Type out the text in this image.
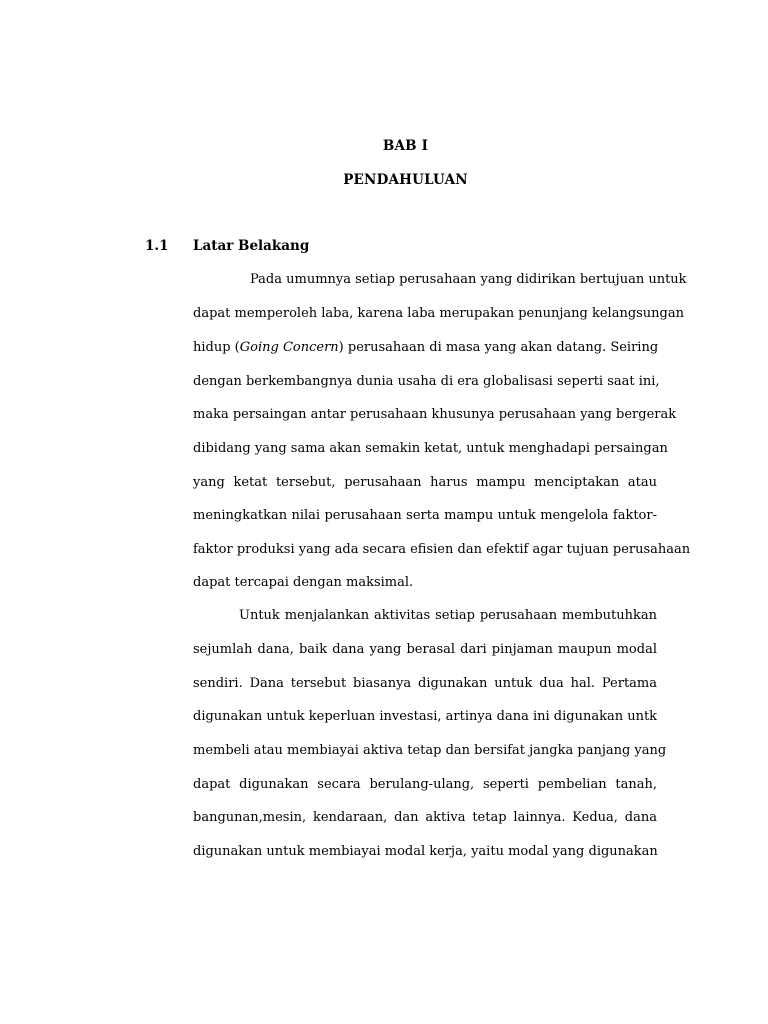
BAB I
PENDAHULUAN
1.1 Latar Belakang
Pada umumnya setiap perusahaan yang didirikan bertujuan untuk
dapat memperoleh laba, karena laba merupakan penunjang kelangsungan
hidup (Going Concern) perusahaan di masa yang akan datang. Seiring
dengan berkembangnya dunia usaha di era globalisasi seperti saat ini,
maka persaingan antar perusahaan khusunya perusahaan yang bergerak
dibidang yang sama akan semakin ketat, untuk menghadapi persaingan
yang ketat tersebut, perusahaan harus mampu menciptakan atau
meningkatkan nilai perusahaan serta mampu untuk mengelola faktor-
faktor produksi yang ada secara efisien dan efektif agar tujuan perusahaan
dapat tercapai dengan maksimal.
Untuk menjalankan aktivitas setiap perusahaan membutuhkan
sejumlah dana, baik dana yang berasal dari pinjaman maupun modal
sendiri. Dana tersebut biasanya digunakan untuk dua hal. Pertama
digunakan untuk keperluan investasi, artinya dana ini digunakan untk
membeli atau membiayai aktiva tetap dan bersifat jangka panjang yang
dapat digunakan secara berulang-ulang, seperti pembelian tanah,
bangunan,mesin, kendaraan, dan aktiva tetap lainnya. Kedua, dana
digunakan untuk membiayai modal kerja, yaitu modal yang digunakan
